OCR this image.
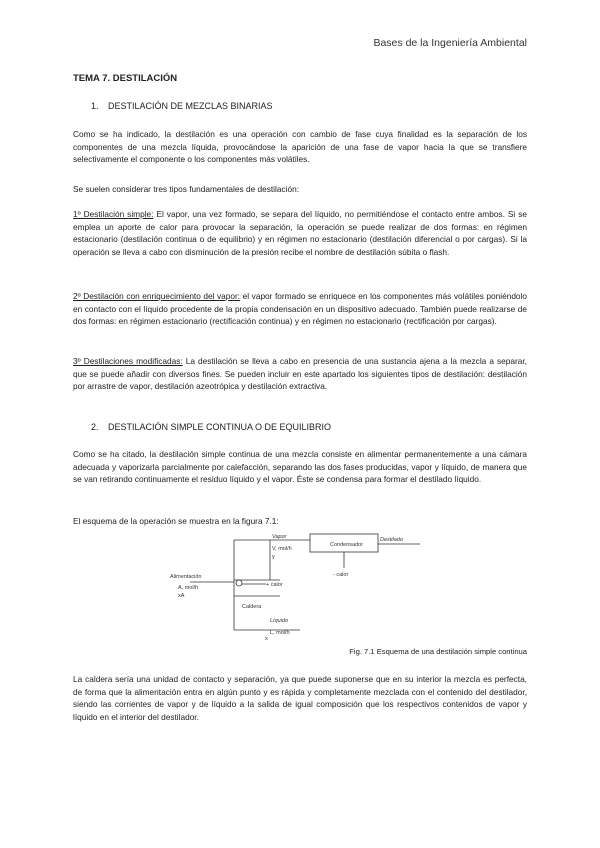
Bases de la Ingeniería Ambiental
TEMA 7. DESTILACIÓN
1. DESTILACIÓN DE MEZCLAS BINARIAS
Como se ha indicado, la destilación es una operación con cambio de fase cuya finalidad es la separación de los componentes de una mezcla líquida, provocándose la aparición de una fase de vapor hacia la que se transfiere selectivamente el componente o los componentes más volátiles.
Se suelen considerar tres tipos fundamentales de destilación:
1º Destilación simple: El vapor, una vez formado, se separa del líquido, no permitiéndose el contacto entre ambos. Si se emplea un aporte de calor para provocar la separación, la operación se puede realizar de dos formas: en régimen estacionario (destilación continua o de equilibrio) y en régimen no estacionario (destilación diferencial o por cargas). Si la operación se lleva a cabo con disminución de la presión recibe el nombre de destilación súbita o flash.
2º Destilación con enriquecimiento del vapor: el vapor formado se enriquece en los componentes más volátiles poniéndolo en contacto con el líquido procedente de la propia condensación en un dispositivo adecuado. También puede realizarse de dos formas: en régimen estacionario (rectificación continua) y en régimen no estacionario (rectificación por cargas).
3º Destilaciones modificadas: La destilación se lleva a cabo en presencia de una sustancia ajena a la mezcla a separar, que se puede añadir con diversos fines. Se pueden incluir en este apartado los siguientes tipos de destilación: destilación por arrastre de vapor, destilación azeotrópica y destilación extractiva.
2. DESTILACIÓN SIMPLE CONTINUA O DE EQUILIBRIO
Como se ha citado, la destilación simple continua de una mezcla consiste en alimentar permanentemente a una cámara adecuada y vaporizarla parcialmente por calefacción, separando las dos fases producidas, vapor y líquido, de manera que se van retirando continuamente el residuo líquido y el vapor. Éste se condensa para formar el destilado líquido.
El esquema de la operación se muestra en la figura 7.1:
Vapor
V, mol/h
y
Condensador
Destilado
- calor
Alimentación
A, mol/h
xA
+ calor
Caldera
Líquido
L, mol/h
x
Fig. 7.1 Esquema de una destilación simple continua
La caldera sería una unidad de contacto y separación, ya que puede suponerse que en su interior la mezcla es perfecta, de forma que la alimentación entra en algún punto y es rápida y completamente mezclada con el contenido del destilador, siendo las corrientes de vapor y de líquido a la salida de igual composición que los respectivos contenidos de vapor y líquido en el interior del destilador.
